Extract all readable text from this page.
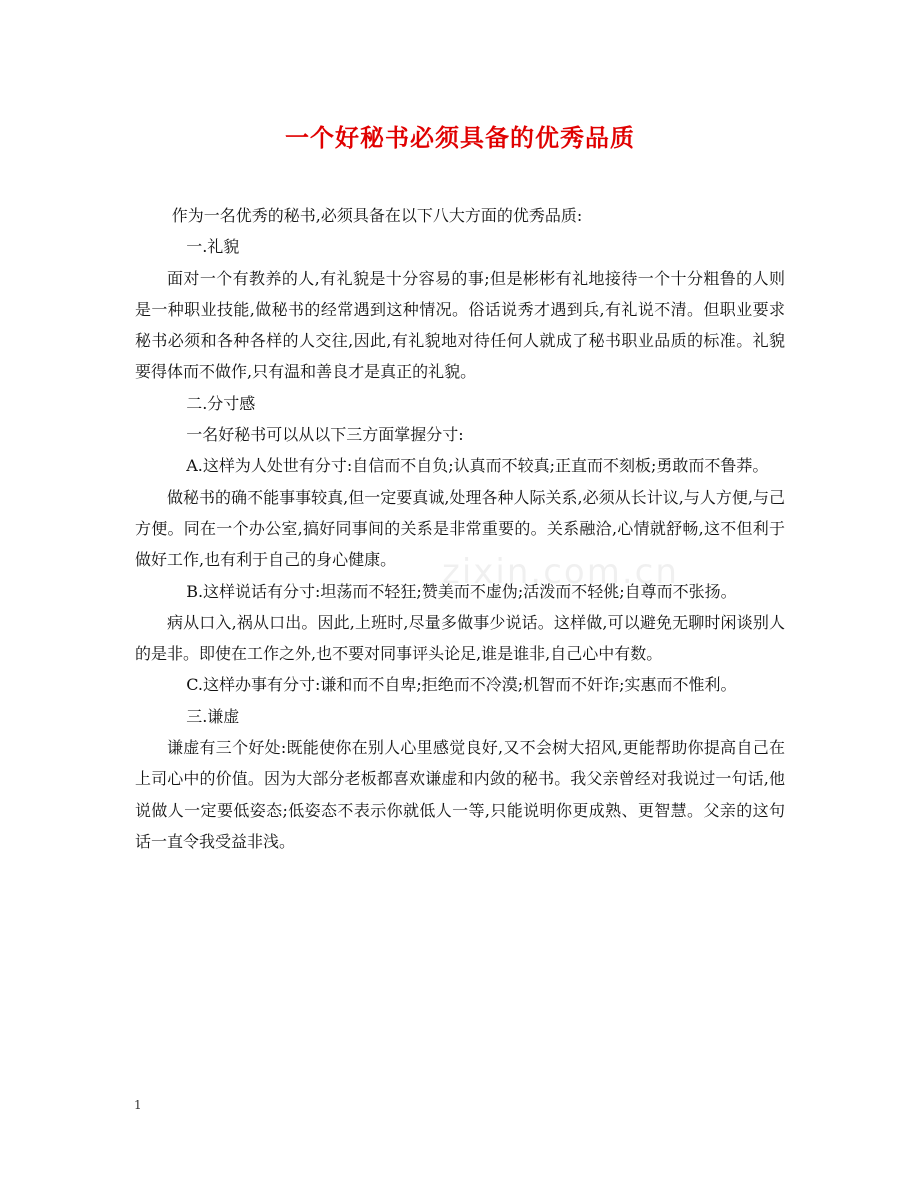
一个好秘书必须具备的优秀品质
zixin.com.cn

作为一名优秀的秘书,必须具备在以下八大方面的优秀品质:

一.礼貌

面对一个有教养的人,有礼貌是十分容易的事;但是彬彬有礼地接待一个十分粗鲁的人则是一种职业技能,做秘书的经常遇到这种情况。俗话说秀才遇到兵,有礼说不清。但职业要求秘书必须和各种各样的人交往,因此,有礼貌地对待任何人就成了秘书职业品质的标准。礼貌要得体而不做作,只有温和善良才是真正的礼貌。

二.分寸感

一名好秘书可以从以下三方面掌握分寸:

A.这样为人处世有分寸:自信而不自负;认真而不较真;正直而不刻板;勇敢而不鲁莽。

做秘书的确不能事事较真,但一定要真诚,处理各种人际关系,必须从长计议,与人方便,与己方便。同在一个办公室,搞好同事间的关系是非常重要的。关系融洽,心情就舒畅,这不但利于做好工作,也有利于自己的身心健康。

B.这样说话有分寸:坦荡而不轻狂;赞美而不虚伪;活泼而不轻佻;自尊而不张扬。

病从口入,祸从口出。因此,上班时,尽量多做事少说话。这样做,可以避免无聊时闲谈别人的是非。即使在工作之外,也不要对同事评头论足,谁是谁非,自己心中有数。

C.这样办事有分寸:谦和而不自卑;拒绝而不冷漠;机智而不奸诈;实惠而不惟利。

三.谦虚

谦虚有三个好处:既能使你在别人心里感觉良好,又不会树大招风,更能帮助你提高自己在上司心中的价值。因为大部分老板都喜欢谦虚和内敛的秘书。我父亲曾经对我说过一句话,他说做人一定要低姿态;低姿态不表示你就低人一等,只能说明你更成熟、更智慧。父亲的这句话一直令我受益非浅。

1
